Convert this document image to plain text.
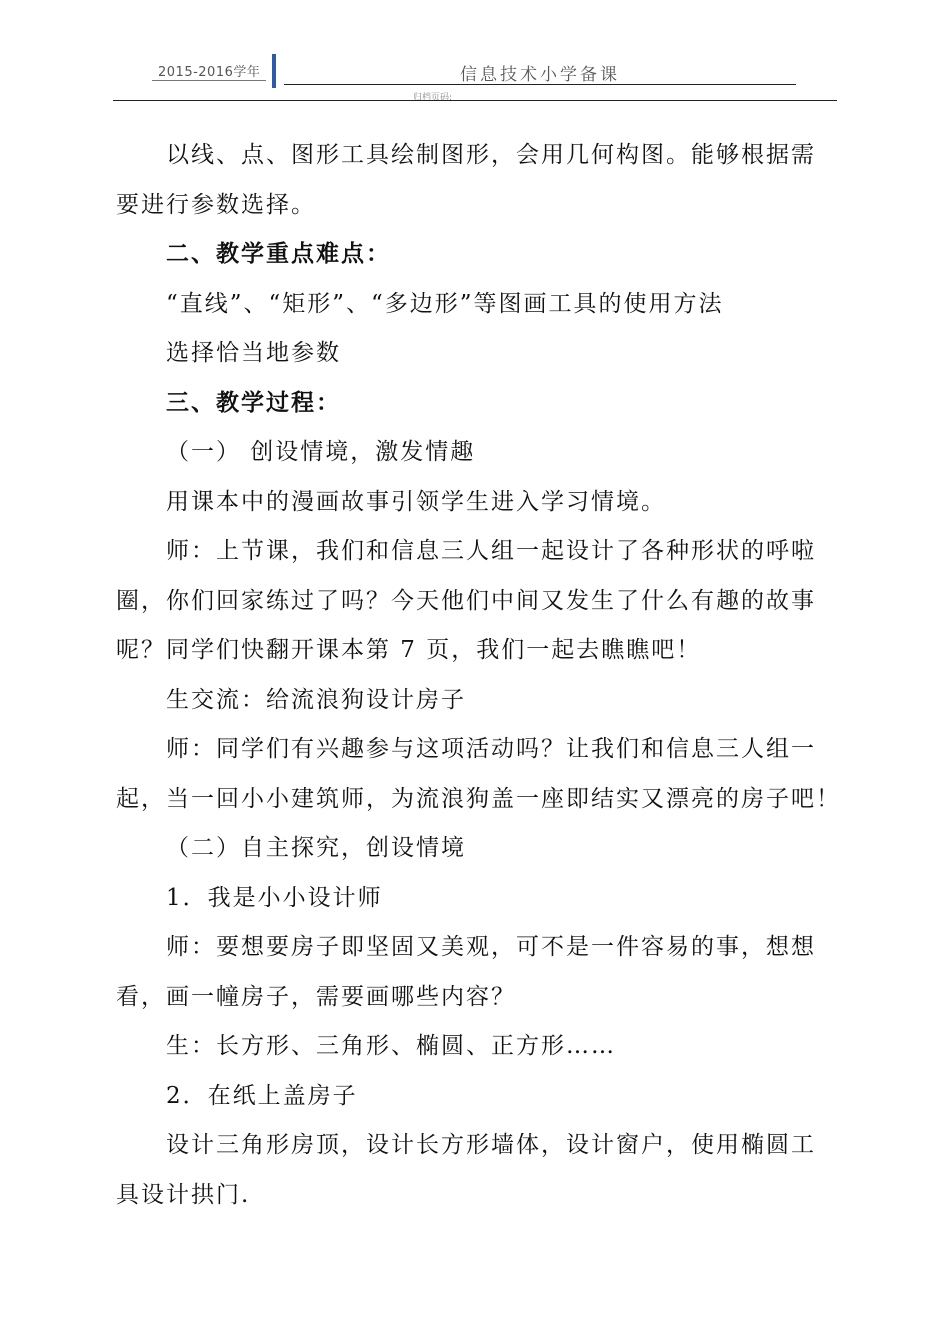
2015-2016学年	信息技术小学备课
归档页码:
以线、点、图形工具绘制图形，会用几何构图。能够根据需
要进行参数选择。
二、教学重点难点：
“直线”、“矩形”、“多边形”等图画工具的使用方法
选择恰当地参数
三、教学过程：
（一） 创设情境，激发情趣
用课本中的漫画故事引领学生进入学习情境。
师：上节课，我们和信息三人组一起设计了各种形状的呼啦
圈，你们回家练过了吗？今天他们中间又发生了什么有趣的故事
呢？同学们快翻开课本第 7 页，我们一起去瞧瞧吧！
生交流：给流浪狗设计房子
师：同学们有兴趣参与这项活动吗？让我们和信息三人组一
起，当一回小小建筑师，为流浪狗盖一座即结实又漂亮的房子吧！
（二）自主探究，创设情境
1．我是小小设计师
师：要想要房子即坚固又美观，可不是一件容易的事，想想
看，画一幢房子，需要画哪些内容？
生：长方形、三角形、椭圆、正方形……
2．在纸上盖房子
设计三角形房顶，设计长方形墙体，设计窗户，使用椭圆工
具设计拱门.
